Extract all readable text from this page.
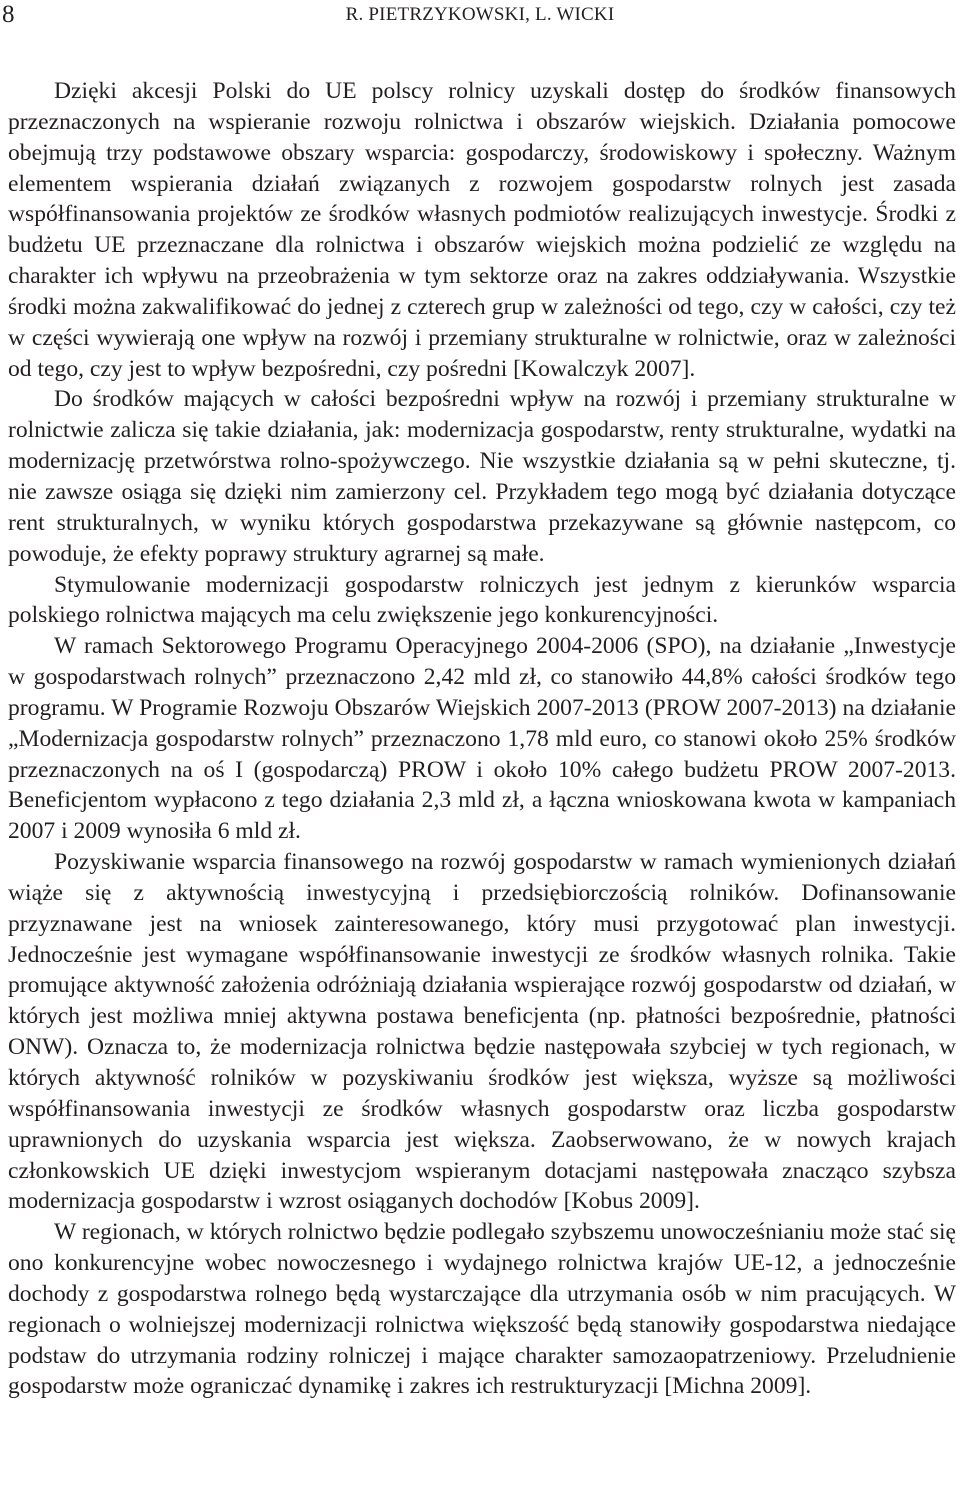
8	R. PIETRZYKOWSKI, L. WICKI

Dzięki akcesji Polski do UE polscy rolnicy uzyskali dostęp do środków finansowych przeznaczonych na wspieranie rozwoju rolnictwa i obszarów wiejskich. Działania pomocowe obejmują trzy podstawowe obszary wsparcia: gospodarczy, środowiskowy i społeczny. Ważnym elementem wspierania działań związanych z rozwojem gospodarstw rolnych jest zasada współfinansowania projektów ze środków własnych podmiotów realizujących inwestycje. Środki z budżetu UE przeznaczane dla rolnictwa i obszarów wiejskich można podzielić ze względu na charakter ich wpływu na przeobrażenia w tym sektorze oraz na zakres oddziaływania. Wszystkie środki można zakwalifikować do jednej z czterech grup w zależności od tego, czy w całości, czy też w części wywierają one wpływ na rozwój i przemiany strukturalne w rolnictwie, oraz w zależności od tego, czy jest to wpływ bezpośredni, czy pośredni [Kowalczyk 2007].

Do środków mających w całości bezpośredni wpływ na rozwój i przemiany strukturalne w rolnictwie zalicza się takie działania, jak: modernizacja gospodarstw, renty strukturalne, wydatki na modernizację przetwórstwa rolno-spożywczego. Nie wszystkie działania są w pełni skuteczne, tj. nie zawsze osiąga się dzięki nim zamierzony cel. Przykładem tego mogą być działania dotyczące rent strukturalnych, w wyniku których gospodarstwa przekazywane są głównie następcom, co powoduje, że efekty poprawy struktury agrarnej są małe.

Stymulowanie modernizacji gospodarstw rolniczych jest jednym z kierunków wsparcia polskiego rolnictwa mających ma celu zwiększenie jego konkurencyjności.

W ramach Sektorowego Programu Operacyjnego 2004-2006 (SPO), na działanie „Inwestycje w gospodarstwach rolnych” przeznaczono 2,42 mld zł, co stanowiło 44,8% całości środków tego programu. W Programie Rozwoju Obszarów Wiejskich 2007-2013 (PROW 2007-2013) na działanie „Modernizacja gospodarstw rolnych” przeznaczono 1,78 mld euro, co stanowi około 25% środków przeznaczonych na oś I (gospodarczą) PROW i około 10% całego budżetu PROW 2007-2013. Beneficjentom wypłacono z tego działania 2,3 mld zł, a łączna wnioskowana kwota w kampaniach 2007 i 2009 wynosiła 6 mld zł.

Pozyskiwanie wsparcia finansowego na rozwój gospodarstw w ramach wymienionych działań wiąże się z aktywnością inwestycyjną i przedsiębiorczością rolników. Dofinansowanie przyznawane jest na wniosek zainteresowanego, który musi przygotować plan inwestycji. Jednocześnie jest wymagane współfinansowanie inwestycji ze środków własnych rolnika. Takie promujące aktywność założenia odróżniają działania wspierające rozwój gospodarstw od działań, w których jest możliwa mniej aktywna postawa beneficjenta (np. płatności bezpośrednie, płatności ONW). Oznacza to, że modernizacja rolnictwa będzie następowała szybciej w tych regionach, w których aktywność rolników w pozyskiwaniu środków jest większa, wyższe są możliwości współfinansowania inwestycji ze środków własnych gospodarstw oraz liczba gospodarstw uprawnionych do uzyskania wsparcia jest większa. Zaobserwowano, że w nowych krajach członkowskich UE dzięki inwestycjom wspieranym dotacjami następowała znacząco szybsza modernizacja gospodarstw i wzrost osiąganych dochodów [Kobus 2009].

W regionach, w których rolnictwo będzie podlegało szybszemu unowocześnianiu może stać się ono konkurencyjne wobec nowoczesnego i wydajnego rolnictwa krajów UE-12, a jednocześnie dochody z gospodarstwa rolnego będą wystarczające dla utrzymania osób w nim pracujących. W regionach o wolniejszej modernizacji rolnictwa większość będą stanowiły gospodarstwa niedające podstaw do utrzymania rodziny rolniczej i mające charakter samozaopatrzeniowy. Przeludnienie gospodarstw może ograniczać dynamikę i zakres ich restrukturyzacji [Michna 2009].
